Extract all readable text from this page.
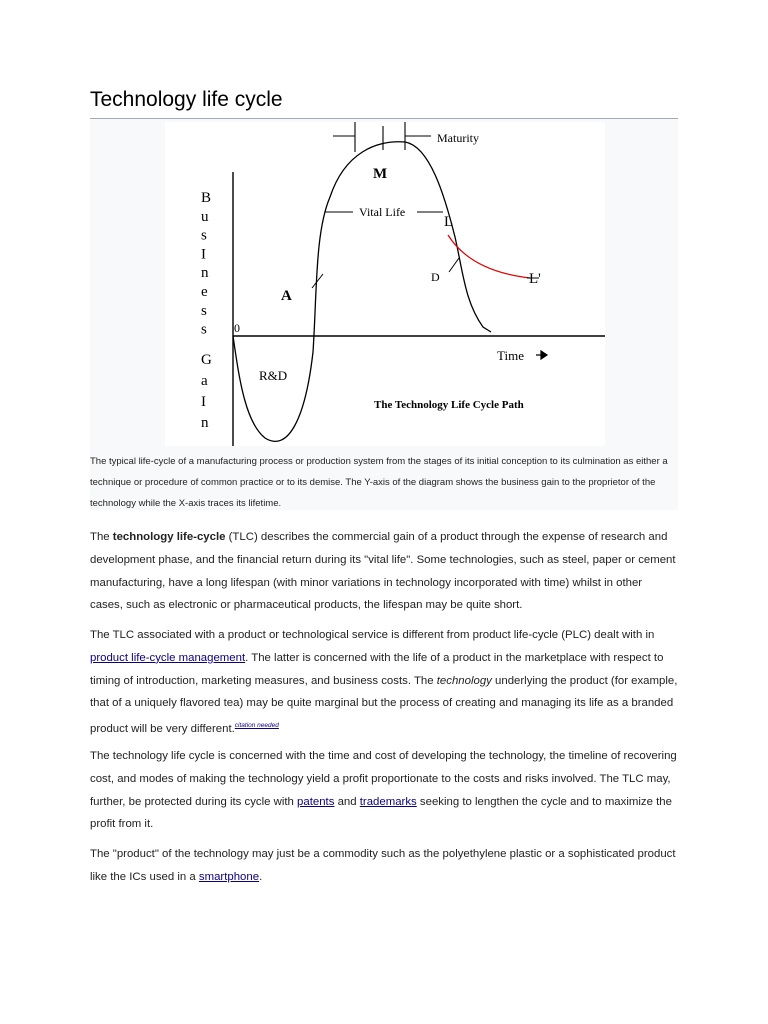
Technology life cycle
B
u
s
I
n
e
s
s
G
a
I
n
0
Maturity
M
Vital Life
L
D	L'
A
R&D
Time
The Technology Life Cycle Path
The typical life-cycle of a manufacturing process or production system from the stages of its initial conception to its culmination as either a technique or procedure of common practice or to its demise. The Y-axis of the diagram shows the business gain to the proprietor of the technology while the X-axis traces its lifetime.

The technology life-cycle (TLC) describes the commercial gain of a product through the expense of research and development phase, and the financial return during its "vital life". Some technologies, such as steel, paper or cement manufacturing, have a long lifespan (with minor variations in technology incorporated with time) whilst in other cases, such as electronic or pharmaceutical products, the lifespan may be quite short.

The TLC associated with a product or technological service is different from product life-cycle (PLC) dealt with in product life-cycle management. The latter is concerned with the life of a product in the marketplace with respect to timing of introduction, marketing measures, and business costs. The technology underlying the product (for example, that of a uniquely flavored tea) may be quite marginal but the process of creating and managing its life as a branded product will be very different.$^{citation needed}$

The technology life cycle is concerned with the time and cost of developing the technology, the timeline of recovering cost, and modes of making the technology yield a profit proportionate to the costs and risks involved. The TLC may, further, be protected during its cycle with patents and trademarks seeking to lengthen the cycle and to maximize the profit from it.

The "product" of the technology may just be a commodity such as the polyethylene plastic or a sophisticated product like the ICs used in a smartphone.
